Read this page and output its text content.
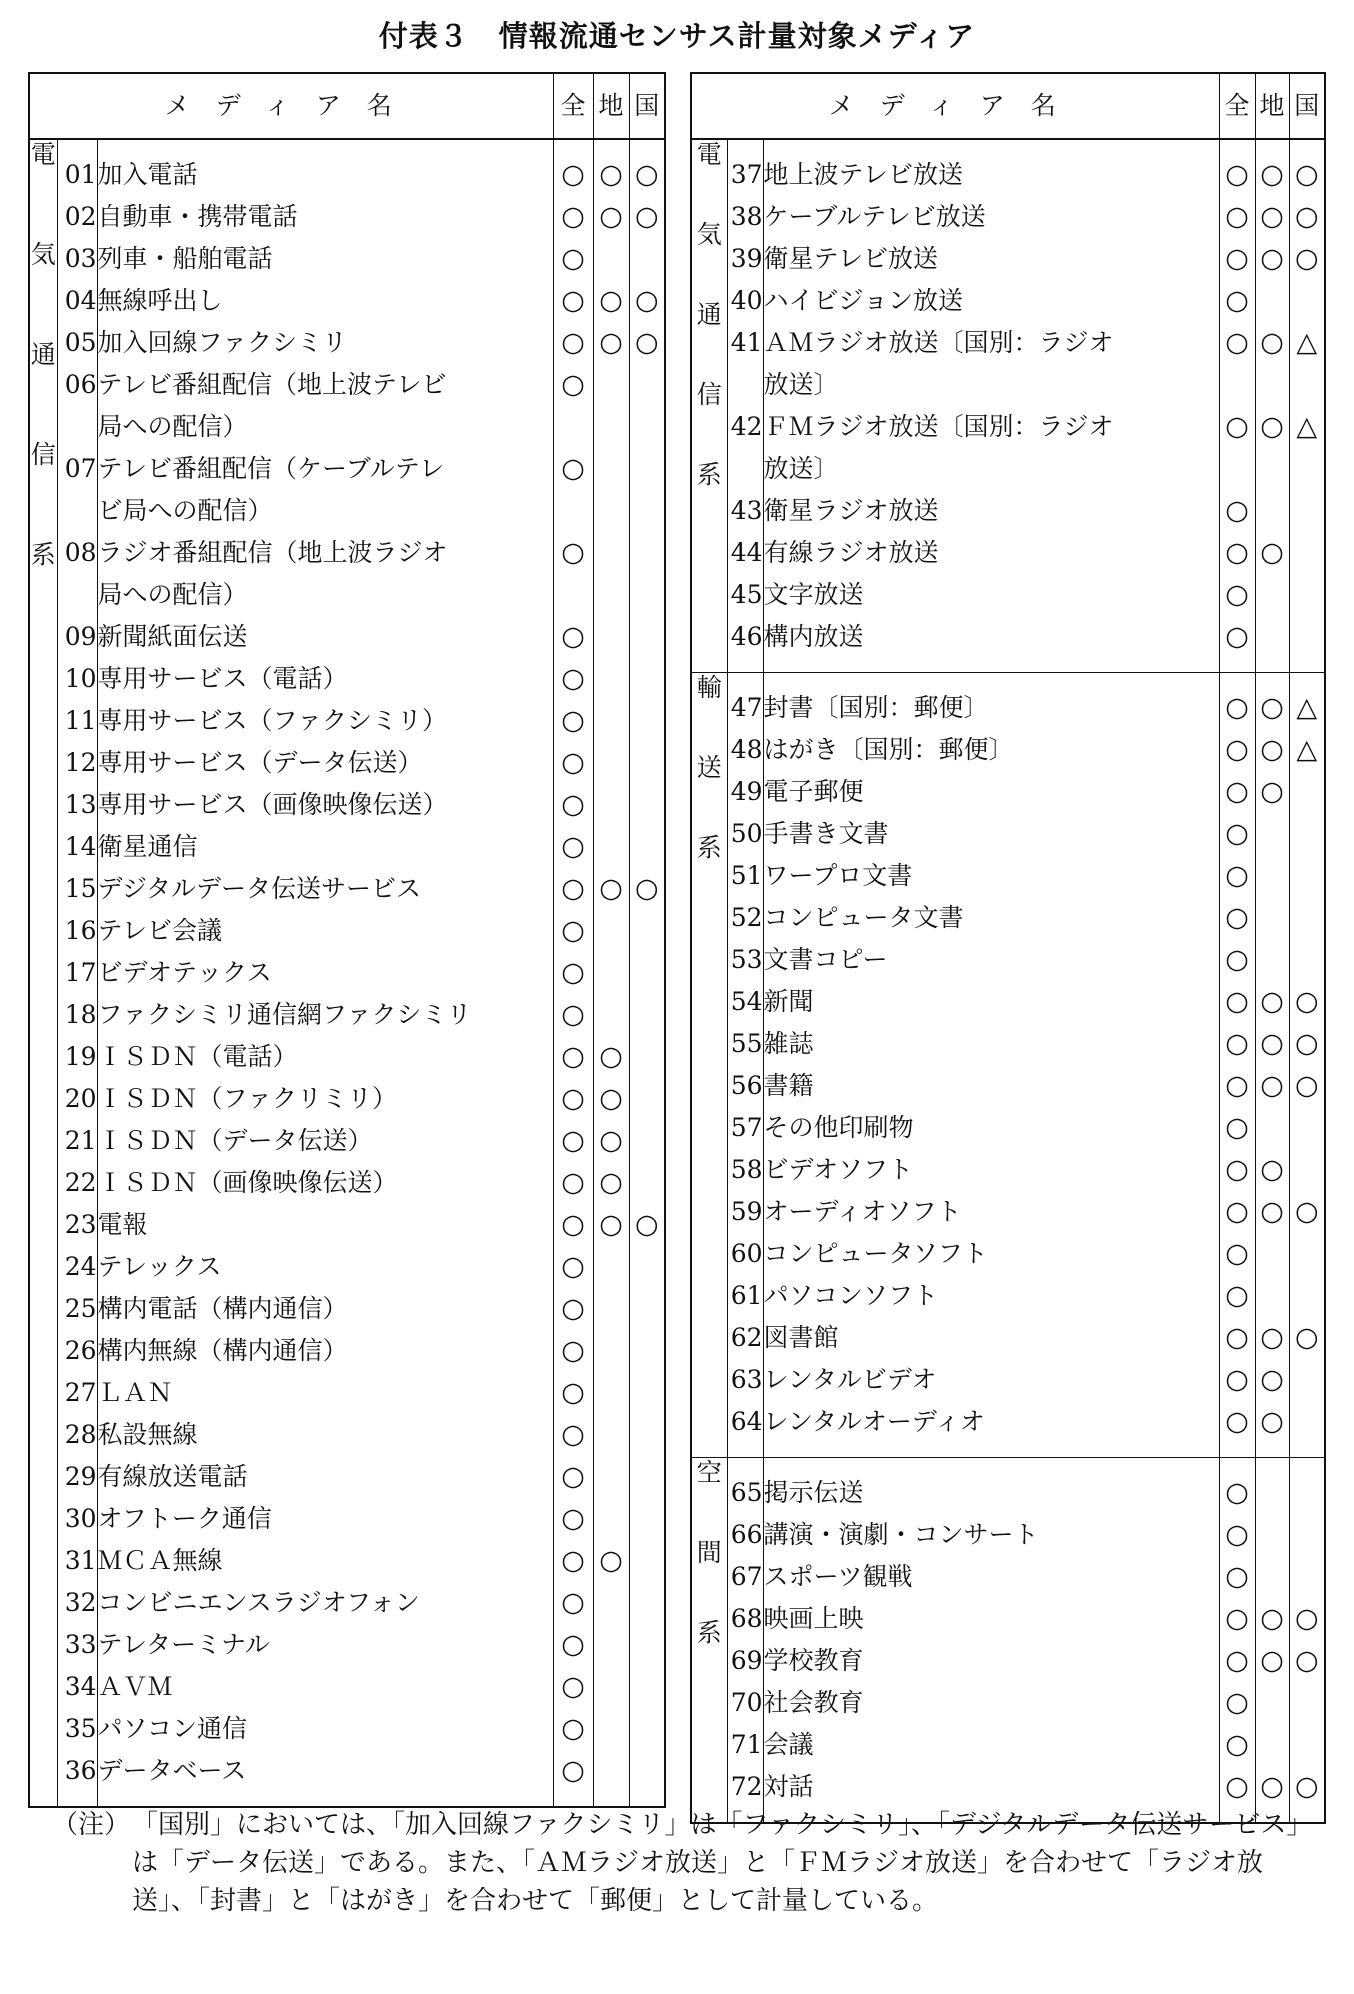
付表３　情報流通センサス計量対象メディア
メディア名			全	地	国

電
気
通
信
系					

	01	加入電話	○	○	○
	02	自動車・携帯電話	○	○	○
	03	列車・船舶電話	○		
	04	無線呼出し	○	○	○
	05	加入回線ファクシミリ	○	○	○
	06	テレビ番組配信（地上波テレビ	○		
		局への配信）			
	07	テレビ番組配信（ケーブルテレ	○		
		ビ局への配信）			
	08	ラジオ番組配信（地上波ラジオ	○		
		局への配信）			
	09	新聞紙面伝送	○		
	10	専用サービス（電話）	○		
	11	専用サービス（ファクシミリ）	○		
	12	専用サービス（データ伝送）	○		
	13	専用サービス（画像映像伝送）	○		
	14	衛星通信	○		
	15	デジタルデータ伝送サービス	○	○	○
	16	テレビ会議	○		
	17	ビデオテックス	○		
	18	ファクシミリ通信網ファクシミリ	○		
	19	ＩＳＤＮ（電話）	○	○	
	20	ＩＳＤＮ（ファクリミリ）	○	○	
	21	ＩＳＤＮ（データ伝送）	○	○	
	22	ＩＳＤＮ（画像映像伝送）	○	○	
	23	電報	○	○	○
	24	テレックス	○		
	25	構内電話（構内通信）	○		
	26	構内無線（構内通信）	○		
	27	ＬＡＮ	○		
	28	私設無線	○		
	29	有線放送電話	○		
	30	オフトーク通信	○		
	31	ＭＣＡ無線	○	○	
	32	コンビニエンスラジオフォン	○		
	33	テレターミナル	○		
	34	ＡＶＭ	○		
	35	パソコン通信	○		
	36	データベース	○		

メディア名			全	地	国

電
気
通
信
系					

	37	地上波テレビ放送	○	○	○
	38	ケーブルテレビ放送	○	○	○
	39	衛星テレビ放送	○	○	○
	40	ハイビジョン放送	○		
	41	ＡＭラジオ放送〔国別：ラジオ	○	○	△
		放送〕			
	42	ＦＭラジオ放送〔国別：ラジオ	○	○	△
		放送〕			
	43	衛星ラジオ放送	○		
	44	有線ラジオ放送	○	○	
	45	文字放送	○		
	46	構内放送	○		

輸
送
系					

	47	封書〔国別：郵便〕	○	○	△
	48	はがき〔国別：郵便〕	○	○	△
	49	電子郵便	○	○	
	50	手書き文書	○		
	51	ワープロ文書	○		
	52	コンピュータ文書	○		
	53	文書コピー	○		
	54	新聞	○	○	○
	55	雑誌	○	○	○
	56	書籍	○	○	○
	57	その他印刷物	○		
	58	ビデオソフト	○	○	
	59	オーディオソフト	○	○	○
	60	コンピュータソフト	○		
	61	パソコンソフト	○		
	62	図書館	○	○	○
	63	レンタルビデオ	○	○	
	64	レンタルオーディオ	○	○	

空
間
系					

	65	掲示伝送	○		
	66	講演・演劇・コンサート	○		
	67	スポーツ観戦	○		
	68	映画上映	○	○	○
	69	学校教育	○	○	○
	70	社会教育	○		
	71	会議	○		
	72	対話	○	○	○

（注） 「国別」においては、「加入回線ファクシミリ」は「ファクシミリ」、「デジタルデータ伝送サービス」は「データ伝送」である。また、「ＡＭラジオ放送」と「ＦＭラジオ放送」を合わせて「ラジオ放送」、「封書」と「はがき」を合わせて「郵便」として計量している。
